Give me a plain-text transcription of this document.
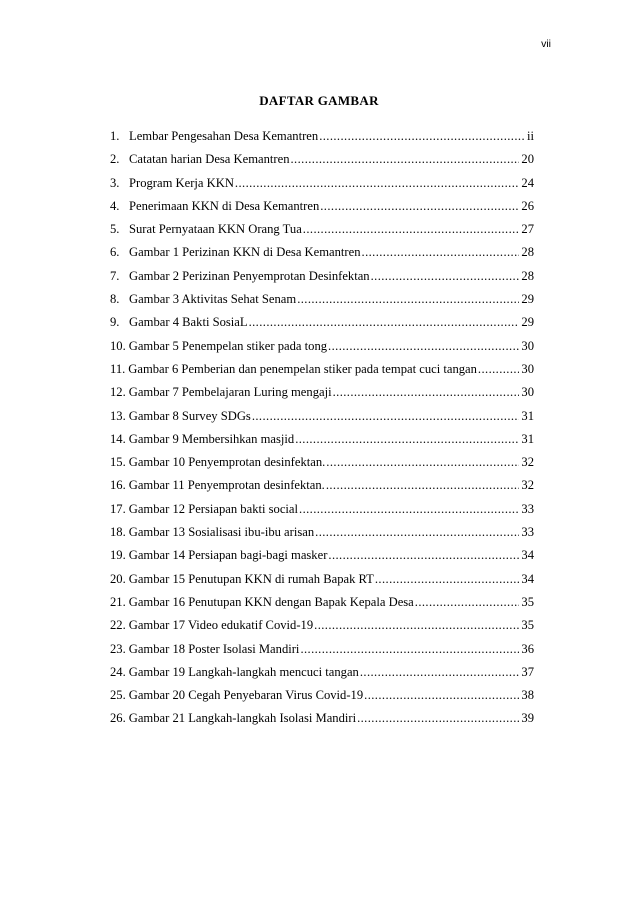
vii
DAFTAR GAMBAR
1. Lembar Pengesahan Desa Kemantren .....	ii
2. Catatan harian Desa Kemantren .....	20
3. Program Kerja KKN .....	24
4. Penerimaan KKN di Desa Kemantren .....	26
5. Surat Pernyataan KKN Orang Tua .....	27
6. Gambar 1 Perizinan KKN di Desa Kemantren .....	28
7. Gambar 2 Perizinan Penyemprotan Desinfektan .....	28
8. Gambar 3 Aktivitas Sehat Senam .....	29
9. Gambar 4 Bakti SosiaL .....	29
10. Gambar 5 Penempelan stiker pada tong .....	30
11. Gambar 6 Pemberian dan penempelan stiker pada tempat cuci tangan .....	30
12. Gambar 7 Pembelajaran Luring mengaji .....	30
13. Gambar 8 Survey SDGs .....	31
14. Gambar 9 Membersihkan masjid .....	31
15. Gambar 10 Penyemprotan desinfektan. .....	32
16. Gambar 11 Penyemprotan desinfektan. .....	32
17. Gambar 12 Persiapan bakti social .....	33
18. Gambar 13 Sosialisasi ibu-ibu arisan .....	33
19. Gambar 14 Persiapan bagi-bagi masker .....	34
20. Gambar 15 Penutupan KKN di rumah Bapak RT .....	34
21. Gambar 16 Penutupan KKN dengan Bapak Kepala Desa .....	35
22. Gambar 17 Video edukatif Covid-19 .....	35
23. Gambar 18 Poster Isolasi Mandiri .....	36
24. Gambar 19 Langkah-langkah mencuci tangan .....	37
25. Gambar 20 Cegah Penyebaran Virus Covid-19 .....	38
26. Gambar 21 Langkah-langkah Isolasi Mandiri .....	39
